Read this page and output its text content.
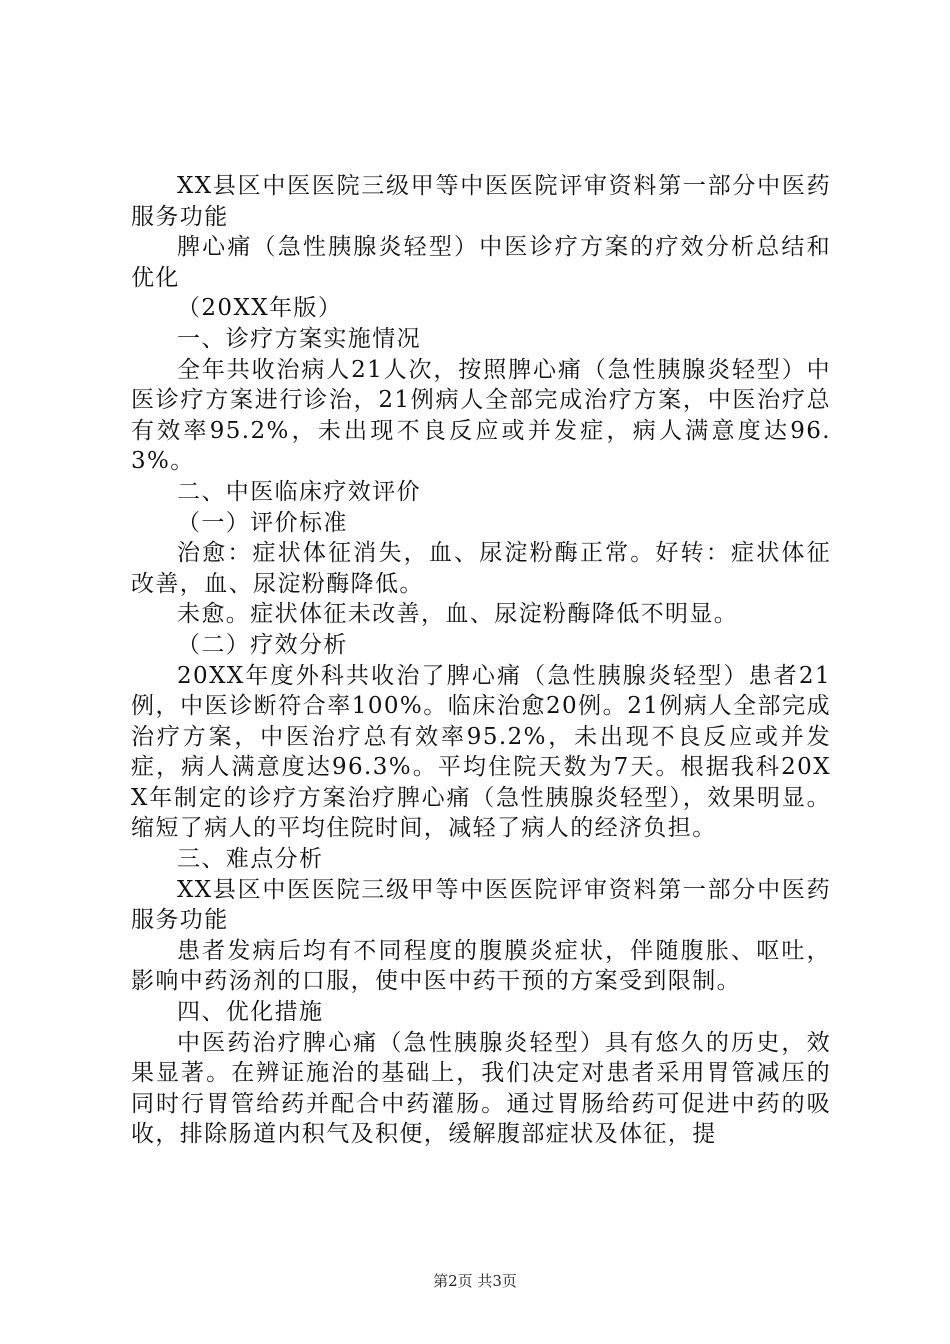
XX县区中医医院三级甲等中医医院评审资料第一部分中医药服务功能

脾心痛（急性胰腺炎轻型）中医诊疗方案的疗效分析总结和优化

（20XX年版）

一、诊疗方案实施情况

全年共收治病人21人次，按照脾心痛（急性胰腺炎轻型）中医诊疗方案进行诊治，21例病人全部完成治疗方案，中医治疗总有效率95.2%，未出现不良反应或并发症，病人满意度达96.3%。

二、中医临床疗效评价

（一）评价标准

治愈：症状体征消失，血、尿淀粉酶正常。好转：症状体征改善，血、尿淀粉酶降低。

未愈。症状体征未改善，血、尿淀粉酶降低不明显。

（二）疗效分析

20XX年度外科共收治了脾心痛（急性胰腺炎轻型）患者21例，中医诊断符合率100%。临床治愈20例。21例病人全部完成治疗方案，中医治疗总有效率95.2%，未出现不良反应或并发症，病人满意度达96.3%。平均住院天数为7天。根据我科20XX年制定的诊疗方案治疗脾心痛（急性胰腺炎轻型），效果明显。缩短了病人的平均住院时间，减轻了病人的经济负担。

三、难点分析

XX县区中医医院三级甲等中医医院评审资料第一部分中医药服务功能

患者发病后均有不同程度的腹膜炎症状，伴随腹胀、呕吐，影响中药汤剂的口服，使中医中药干预的方案受到限制。

四、优化措施

中医药治疗脾心痛（急性胰腺炎轻型）具有悠久的历史，效果显著。在辨证施治的基础上，我们决定对患者采用胃管减压的同时行胃管给药并配合中药灌肠。通过胃肠给药可促进中药的吸收，排除肠道内积气及积便，缓解腹部症状及体征，提

第2页 共3页
